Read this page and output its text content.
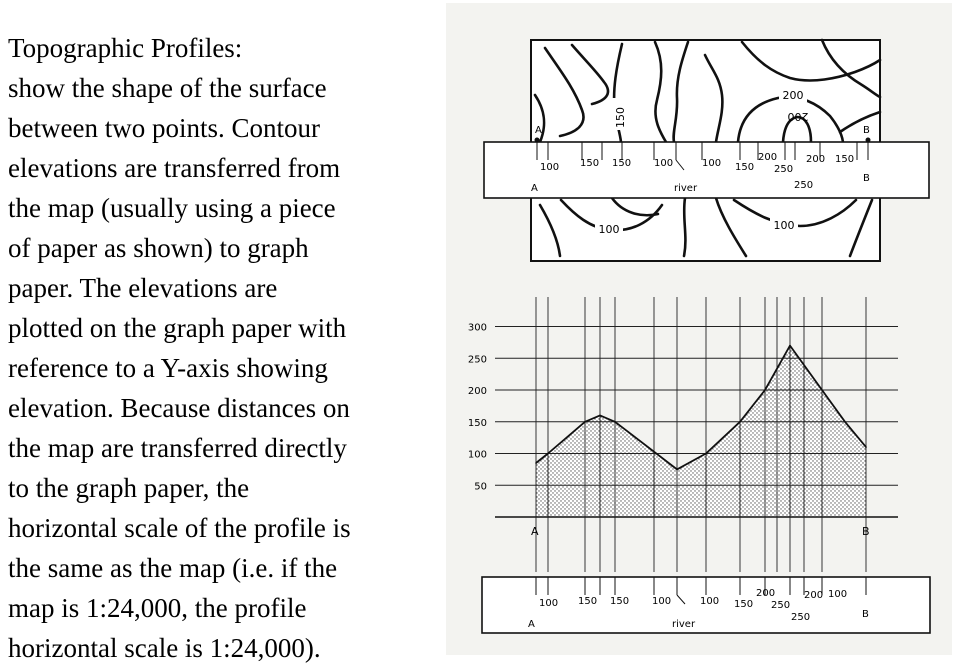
Topographic Profiles:
show the shape of the surface
between two points. Contour
elevations are transferred from
the map (usually using a piece
of paper as shown) to graph
paper. The elevations are
plotted on the graph paper with
reference to a Y-axis showing
elevation. Because distances on
the map are transferred directly
to the graph paper, the
horizontal scale of the profile is
the same as the map (i.e. if the
map is 1:24,000, the profile
horizontal scale is 1:24,000).
150
200
200
100	100
A	B
100 150 150 100	100 150
200
250
200 150
250
river
A
B
300
250
200
150
100
50
A	B
100 150 150 100	100 150
200
250
200 100
250
river
A
B
